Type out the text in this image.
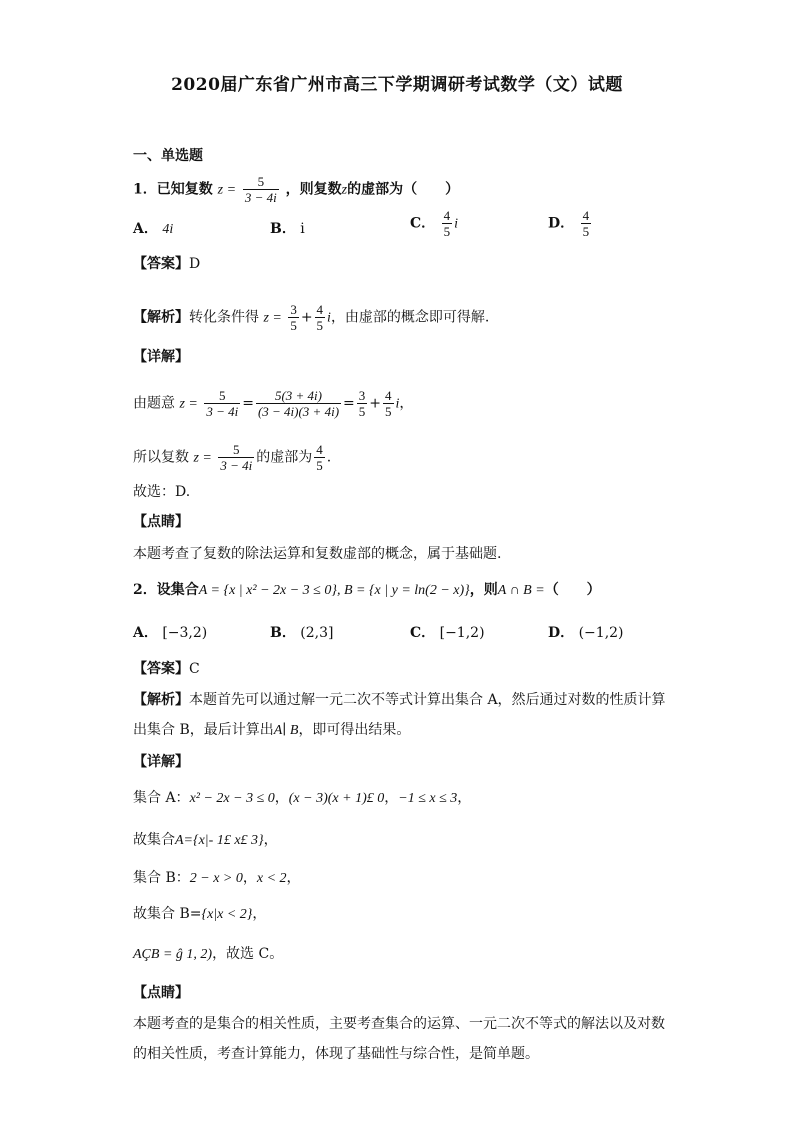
2020届广东省广州市高三下学期调研考试数学（文）试题
一、单选题
1．已知复数 $z = \frac{5}{3 - 4i}$ ，则复数z的虚部为（　　）
A． 4i	B． i	C． $\frac{4}{5}$ i	D． $\frac{4}{5}$
【答案】D
【解析】转化条件得 $z = \frac{3}{5} + \frac{4}{5}$ i，由虚部的概念即可得解.
【详解】
由题意 $z = \frac{5}{3 - 4i} = \frac{5(3 + 4i)}{(3 - 4i)(3 + 4i)} = \frac{3}{5} + \frac{4}{5}$ i，
所以复数 $z = \frac{5}{3 - 4i}$ 的虚部为 $\frac{4}{5}$ .
故选：D.
【点睛】
本题考查了复数的除法运算和复数虚部的概念，属于基础题.
2．设集合A = {x | x² − 2x − 3 ≤ 0}, B = {x | y = ln(2 − x)}，则A ∩ B =（　　）
A． [−3,2)	B． (2,3]	C． [−1,2)	D． (−1,2)
【答案】C
【解析】本题首先可以通过解一元二次不等式计算出集合 A，然后通过对数的性质计算
出集合 B，最后计算出A∣ B，即可得出结果。
【详解】
集合 A：x² − 2x − 3 ≤ 0，(x − 3)(x + 1)£ 0，−1 ≤ x ≤ 3，
故集合A={x|- 1£ x£ 3}，
集合 B：2 − x > 0，x < 2，
故集合 B={x|x < 2}，
AÇB = ĝ 1, 2)，故选 C。
【点睛】
本题考查的是集合的相关性质，主要考查集合的运算、一元二次不等式的解法以及对数
的相关性质，考查计算能力，体现了基础性与综合性，是简单题。
